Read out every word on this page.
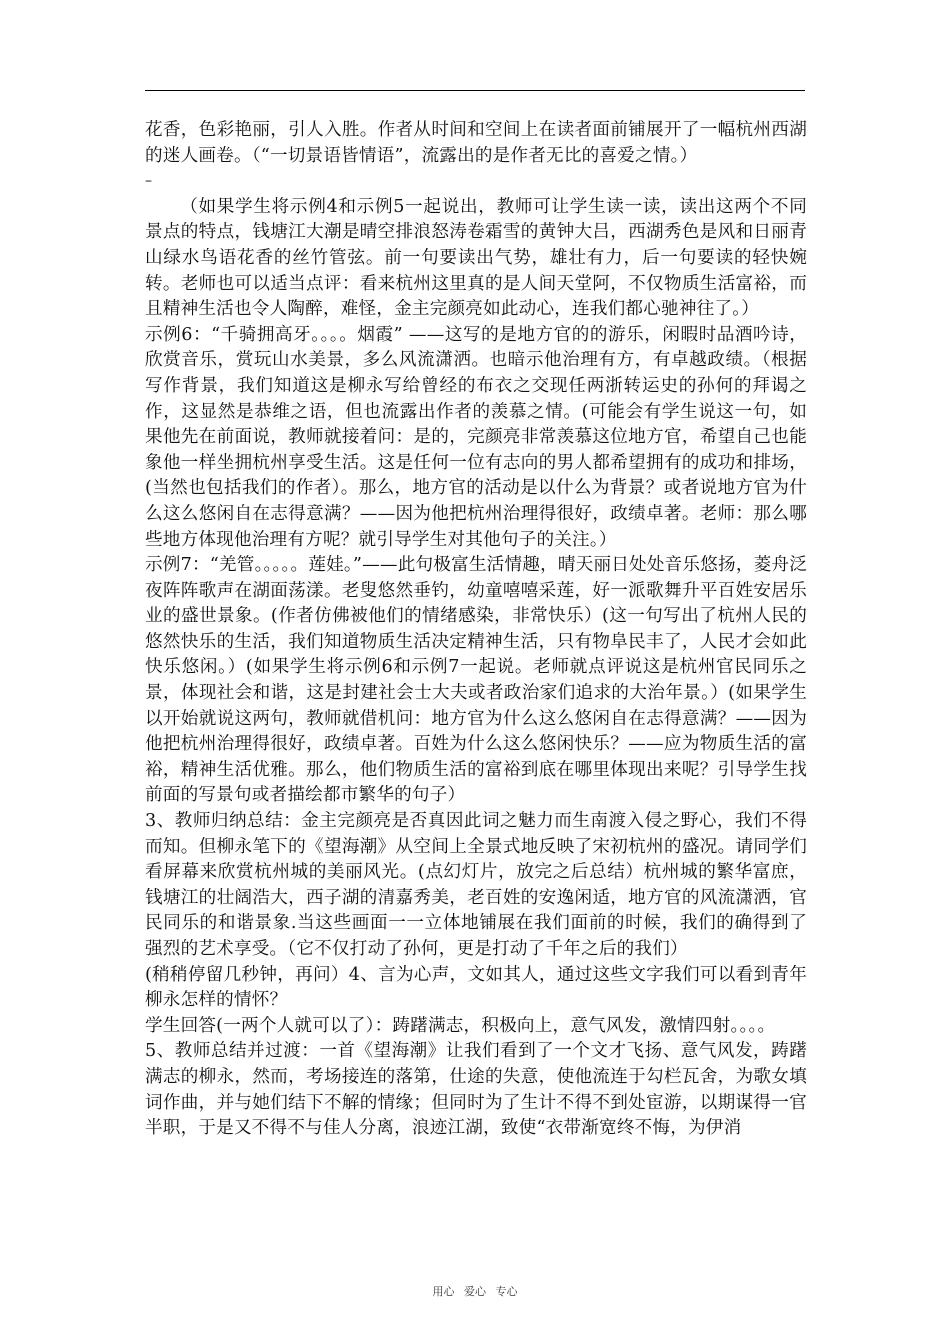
花香，色彩艳丽，引人入胜。作者从时间和空间上在读者面前铺展开了一幅杭州西湖的迷人画卷。（“一切景语皆情语”，流露出的是作者无比的喜爱之情。）

–

（如果学生将示例4和示例5一起说出，教师可让学生读一读，读出这两个不同景点的特点，钱塘江大潮是晴空排浪怒涛卷霜雪的黄钟大吕，西湖秀色是风和日丽青山绿水鸟语花香的丝竹管弦。前一句要读出气势，雄壮有力，后一句要读的轻快婉转。老师也可以适当点评：看来杭州这里真的是人间天堂阿，不仅物质生活富裕，而且精神生活也令人陶醉，难怪，金主完颜亮如此动心，连我们都心驰神往了。）

示例6：“千骑拥高牙。。。。烟霞” ——这写的是地方官的的游乐，闲暇时品酒吟诗，欣赏音乐，赏玩山水美景，多么风流潇洒。也暗示他治理有方，有卓越政绩。（根据写作背景，我们知道这是柳永写给曾经的布衣之交现任两浙转运史的孙何的拜谒之作，这显然是恭维之语，但也流露出作者的羡慕之情。(可能会有学生说这一句，如果他先在前面说，教师就接着问：是的，完颜亮非常羡慕这位地方官，希望自己也能象他一样坐拥杭州享受生活。这是任何一位有志向的男人都希望拥有的成功和排场，(当然也包括我们的作者）。那么，地方官的活动是以什么为背景？或者说地方官为什么这么悠闲自在志得意满？——因为他把杭州治理得很好，政绩卓著。老师：那么哪些地方体现他治理有方呢？就引导学生对其他句子的关注。）

示例7：“羌管。。。。。莲娃。”——此句极富生活情趣，晴天丽日处处音乐悠扬，菱舟泛夜阵阵歌声在湖面荡漾。老叟悠然垂钓，幼童嘻嘻采莲，好一派歌舞升平百姓安居乐业的盛世景象。(作者仿佛被他们的情绪感染，非常快乐）(这一句写出了杭州人民的悠然快乐的生活，我们知道物质生活决定精神生活，只有物阜民丰了，人民才会如此快乐悠闲。）(如果学生将示例6和示例7一起说。老师就点评说这是杭州官民同乐之景，体现社会和谐，这是封建社会士大夫或者政治家们追求的大治年景。）(如果学生以开始就说这两句，教师就借机问：地方官为什么这么悠闲自在志得意满？——因为他把杭州治理得很好，政绩卓著。百姓为什么这么悠闲快乐？——应为物质生活的富裕，精神生活优雅。那么，他们物质生活的富裕到底在哪里体现出来呢？引导学生找前面的写景句或者描绘都市繁华的句子）

3、教师归纳总结：金主完颜亮是否真因此词之魅力而生南渡入侵之野心，我们不得而知。但柳永笔下的《望海潮》从空间上全景式地反映了宋初杭州的盛况。请同学们看屏幕来欣赏杭州城的美丽风光。(点幻灯片，放完之后总结）杭州城的繁华富庶，钱塘江的壮阔浩大，西子湖的清嘉秀美，老百姓的安逸闲适，地方官的风流潇洒，官民同乐的和谐景象.当这些画面一一立体地铺展在我们面前的时候，我们的确得到了强烈的艺术享受。（它不仅打动了孙何，更是打动了千年之后的我们）

(稍稍停留几秒钟，再问）4、言为心声，文如其人，通过这些文字我们可以看到青年柳永怎样的情怀？

学生回答(一两个人就可以了）：踌躇满志，积极向上，意气风发，激情四射。。。。

5、教师总结并过渡：一首《望海潮》让我们看到了一个文才飞扬、意气风发，踌躇满志的柳永，然而，考场接连的落第，仕途的失意，使他流连于勾栏瓦舍，为歌女填词作曲，并与她们结下不解的情缘；但同时为了生计不得不到处宦游，以期谋得一官半职，于是又不得不与佳人分离，浪迹江湖，致使“衣带渐宽终不悔，为伊消

用心 爱心 专心
